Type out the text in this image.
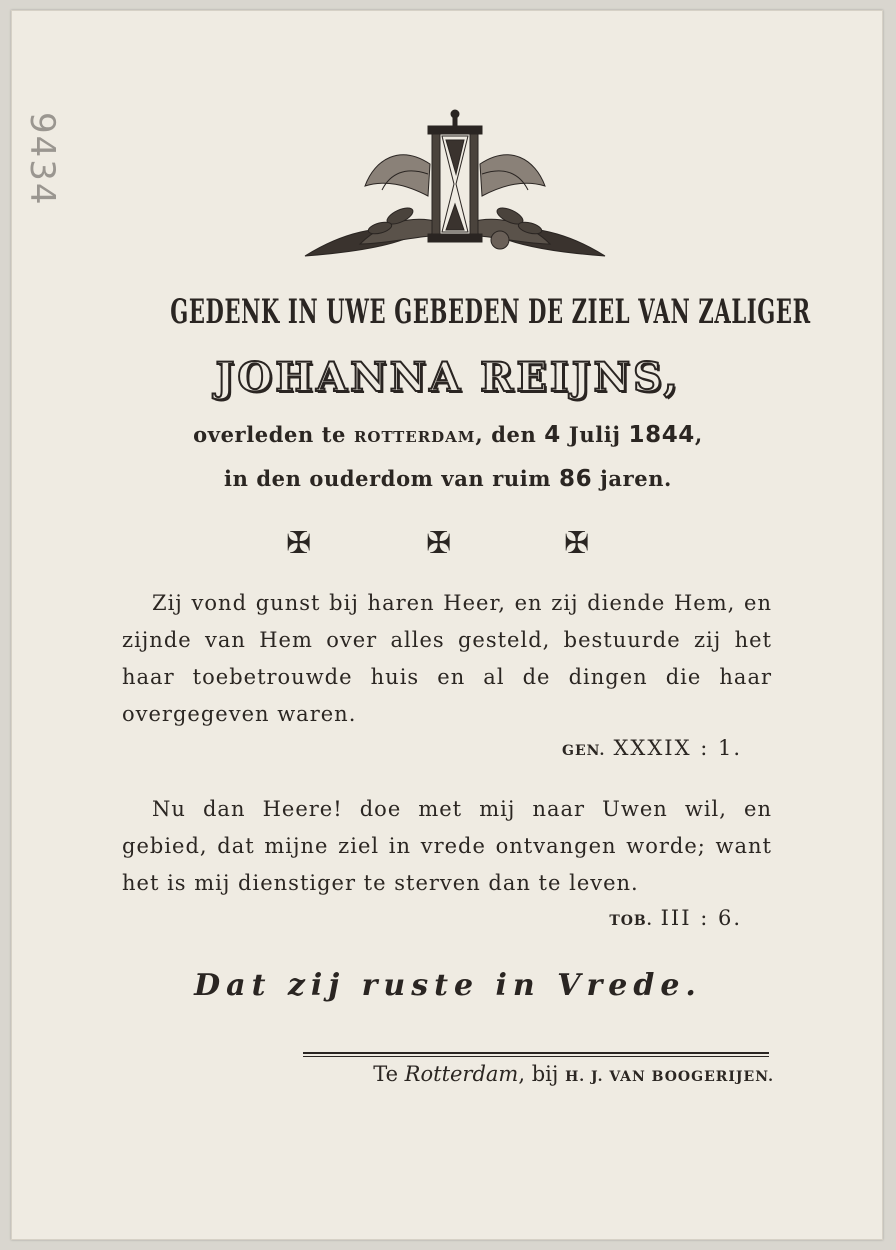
9434
GEDENK IN UWE GEBEDEN DE ZIEL VAN ZALIGER
JOHANNA REIJNS,
overleden te ROTTERDAM, den 4 Julij 1844,
in den ouderdom van ruim 86 jaren.
✠	✠	✠
Zij vond gunst bij haren Heer, en zij diende Hem, en zijnde van Hem over alles gesteld, bestuurde zij het haar toebetrouwde huis en al de dingen die haar overgegeven waren.
GEN. XXXIX : 1.
Nu dan Heere! doe met mij naar Uwen wil, en gebied, dat mijne ziel in vrede ontvangen worde; want het is mij dienstiger te sterven dan te leven.
TOB. III : 6.
Dat zij ruste in Vrede.
Te Rotterdam, bij H. J. VAN BOOGERIJEN.
